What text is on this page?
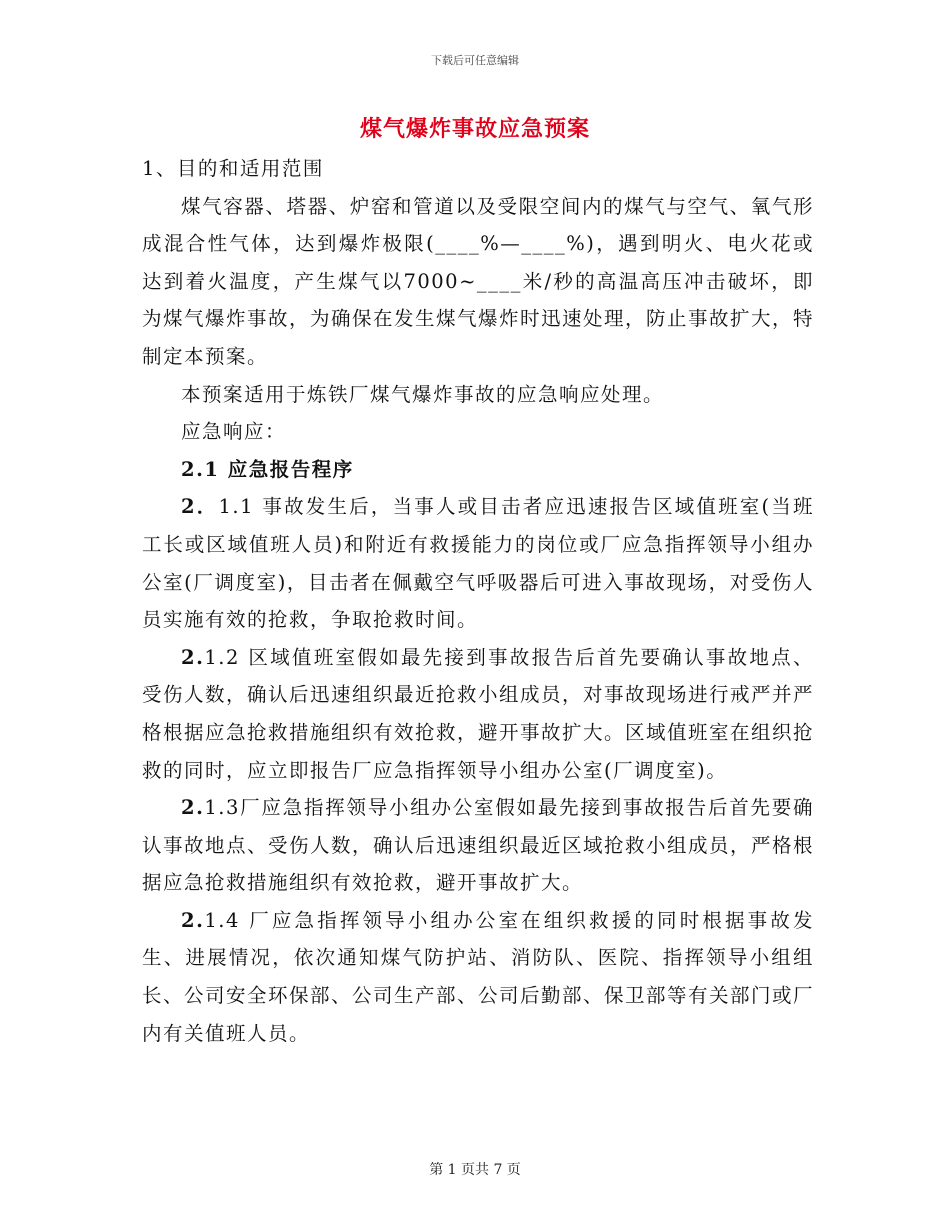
下载后可任意编辑
煤气爆炸事故应急预案

1、目的和适用范围

煤气容器、塔器、炉窑和管道以及受限空间内的煤气与空气、氧气形成混合性气体，达到爆炸极限(____%—____%)，遇到明火、电火花或达到着火温度，产生煤气以7000~____米/秒的高温高压冲击破坏，即为煤气爆炸事故，为确保在发生煤气爆炸时迅速处理，防止事故扩大，特制定本预案。

本预案适用于炼铁厂煤气爆炸事故的应急响应处理。

应急响应：

2.1 应急报告程序

2．1.1 事故发生后，当事人或目击者应迅速报告区域值班室(当班工长或区域值班人员)和附近有救援能力的岗位或厂应急指挥领导小组办公室(厂调度室)，目击者在佩戴空气呼吸器后可进入事故现场，对受伤人员实施有效的抢救，争取抢救时间。

2.1.2 区域值班室假如最先接到事故报告后首先要确认事故地点、受伤人数，确认后迅速组织最近抢救小组成员，对事故现场进行戒严并严格根据应急抢救措施组织有效抢救，避开事故扩大。区域值班室在组织抢救的同时，应立即报告厂应急指挥领导小组办公室(厂调度室)。

2.1.3厂应急指挥领导小组办公室假如最先接到事故报告后首先要确认事故地点、受伤人数，确认后迅速组织最近区域抢救小组成员，严格根据应急抢救措施组织有效抢救，避开事故扩大。

2.1.4 厂应急指挥领导小组办公室在组织救援的同时根据事故发生、进展情况，依次通知煤气防护站、消防队、医院、指挥领导小组组长、公司安全环保部、公司生产部、公司后勤部、保卫部等有关部门或厂内有关值班人员。

第 1 页共 7 页
